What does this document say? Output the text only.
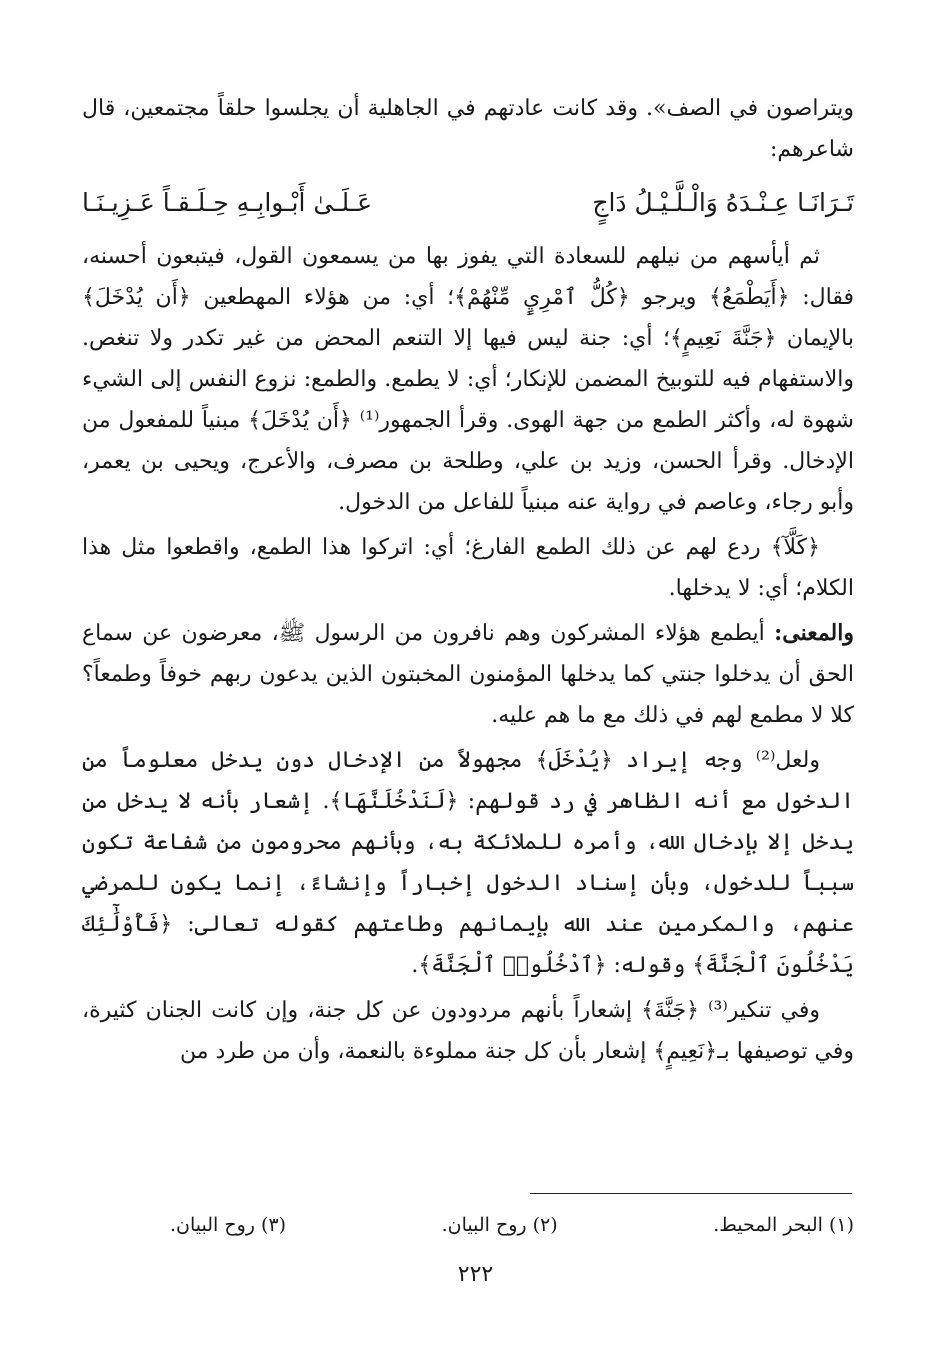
ويتراصون في الصف». وقد كانت عادتهم في الجاهلية أن يجلسوا حلقاً مجتمعين، قال شاعرهم:

تَـرَانَـا عِـنْـدَهُ وَالْـلَّـيْـلُ دَاجٍ
عَـلَـىٰ أَبْـوابِـهِ حِـلَـقـاً عَـزِيـنَـا

ثم أيأسهم من نيلهم للسعادة التي يفوز بها من يسمعون القول، فيتبعون أحسنه، فقال: ﴿أَيَطْمَعُ﴾ ويرجو ﴿كُلُّ ٱمْرِيٍٕ مِّنْهُمْ﴾؛ أي: من هؤلاء المهطعين ﴿أَن يُدْخَلَ﴾ بالإيمان ﴿جَنَّةَ نَعِيمٍ﴾؛ أي: جنة ليس فيها إلا التنعم المحض من غير تكدر ولا تنغص. والاستفهام فيه للتوبيخ المضمن للإنكار؛ أي: لا يطمع. والطمع: نزوع النفس إلى الشيء شهوة له، وأكثر الطمع من جهة الهوى. وقرأ الجمهور⁽¹⁾ ﴿أَن يُدْخَلَ﴾ مبنياً للمفعول من الإدخال. وقرأ الحسن، وزيد بن علي، وطلحة بن مصرف، والأعرج، ويحيى بن يعمر، وأبو رجاء، وعاصم في رواية عنه مبنياً للفاعل من الدخول.

﴿كَلَّآ﴾ ردع لهم عن ذلك الطمع الفارغ؛ أي: اتركوا هذا الطمع، واقطعوا مثل هذا الكلام؛ أي: لا يدخلها.

والمعنى: أيطمع هؤلاء المشركون وهم نافرون من الرسول ﷺ، معرضون عن سماع الحق أن يدخلوا جنتي كما يدخلها المؤمنون المخبتون الذين يدعون ربهم خوفاً وطمعاً؟ كلا لا مطمع لهم في ذلك مع ما هم عليه.

ولعل⁽²⁾ وجه إيراد ﴿يُدْخَلَ﴾ مجهولاً من الإدخال دون يدخل معلوماً من الدخول مع أنه الظاهر في رد قولهم: ﴿لَنَدْخُلَنَّهَا﴾. إشعار بأنه لا يدخل من يدخل إلا بإدخال الله، وأمره للملائكة به، وبأنهم محرومون من شفاعة تكون سبباً للدخول، وبأن إسناد الدخول إخباراً وإنشاءً، إنما يكون للمرضي عنهم، والمكرمين عند الله بإيمانهم وطاعتهم كقوله تعالى: ﴿فَأُوْلَٰٓئِكَ يَدْخُلُونَ ٱلْجَنَّةَ﴾ وقوله: ﴿ٱدْخُلُوا۟ ٱلْجَنَّةَ﴾.

وفي تنكير⁽³⁾ ﴿جَنَّةَ﴾ إشعاراً بأنهم مردودون عن كل جنة، وإن كانت الجنان كثيرة، وفي توصيفها بـ﴿نَعِيمٍ﴾ إشعار بأن كل جنة مملوءة بالنعمة، وأن من طرد من

(١) البحر المحيط.
(٢) روح البيان.
(٣) روح البيان.
٢٢٢
